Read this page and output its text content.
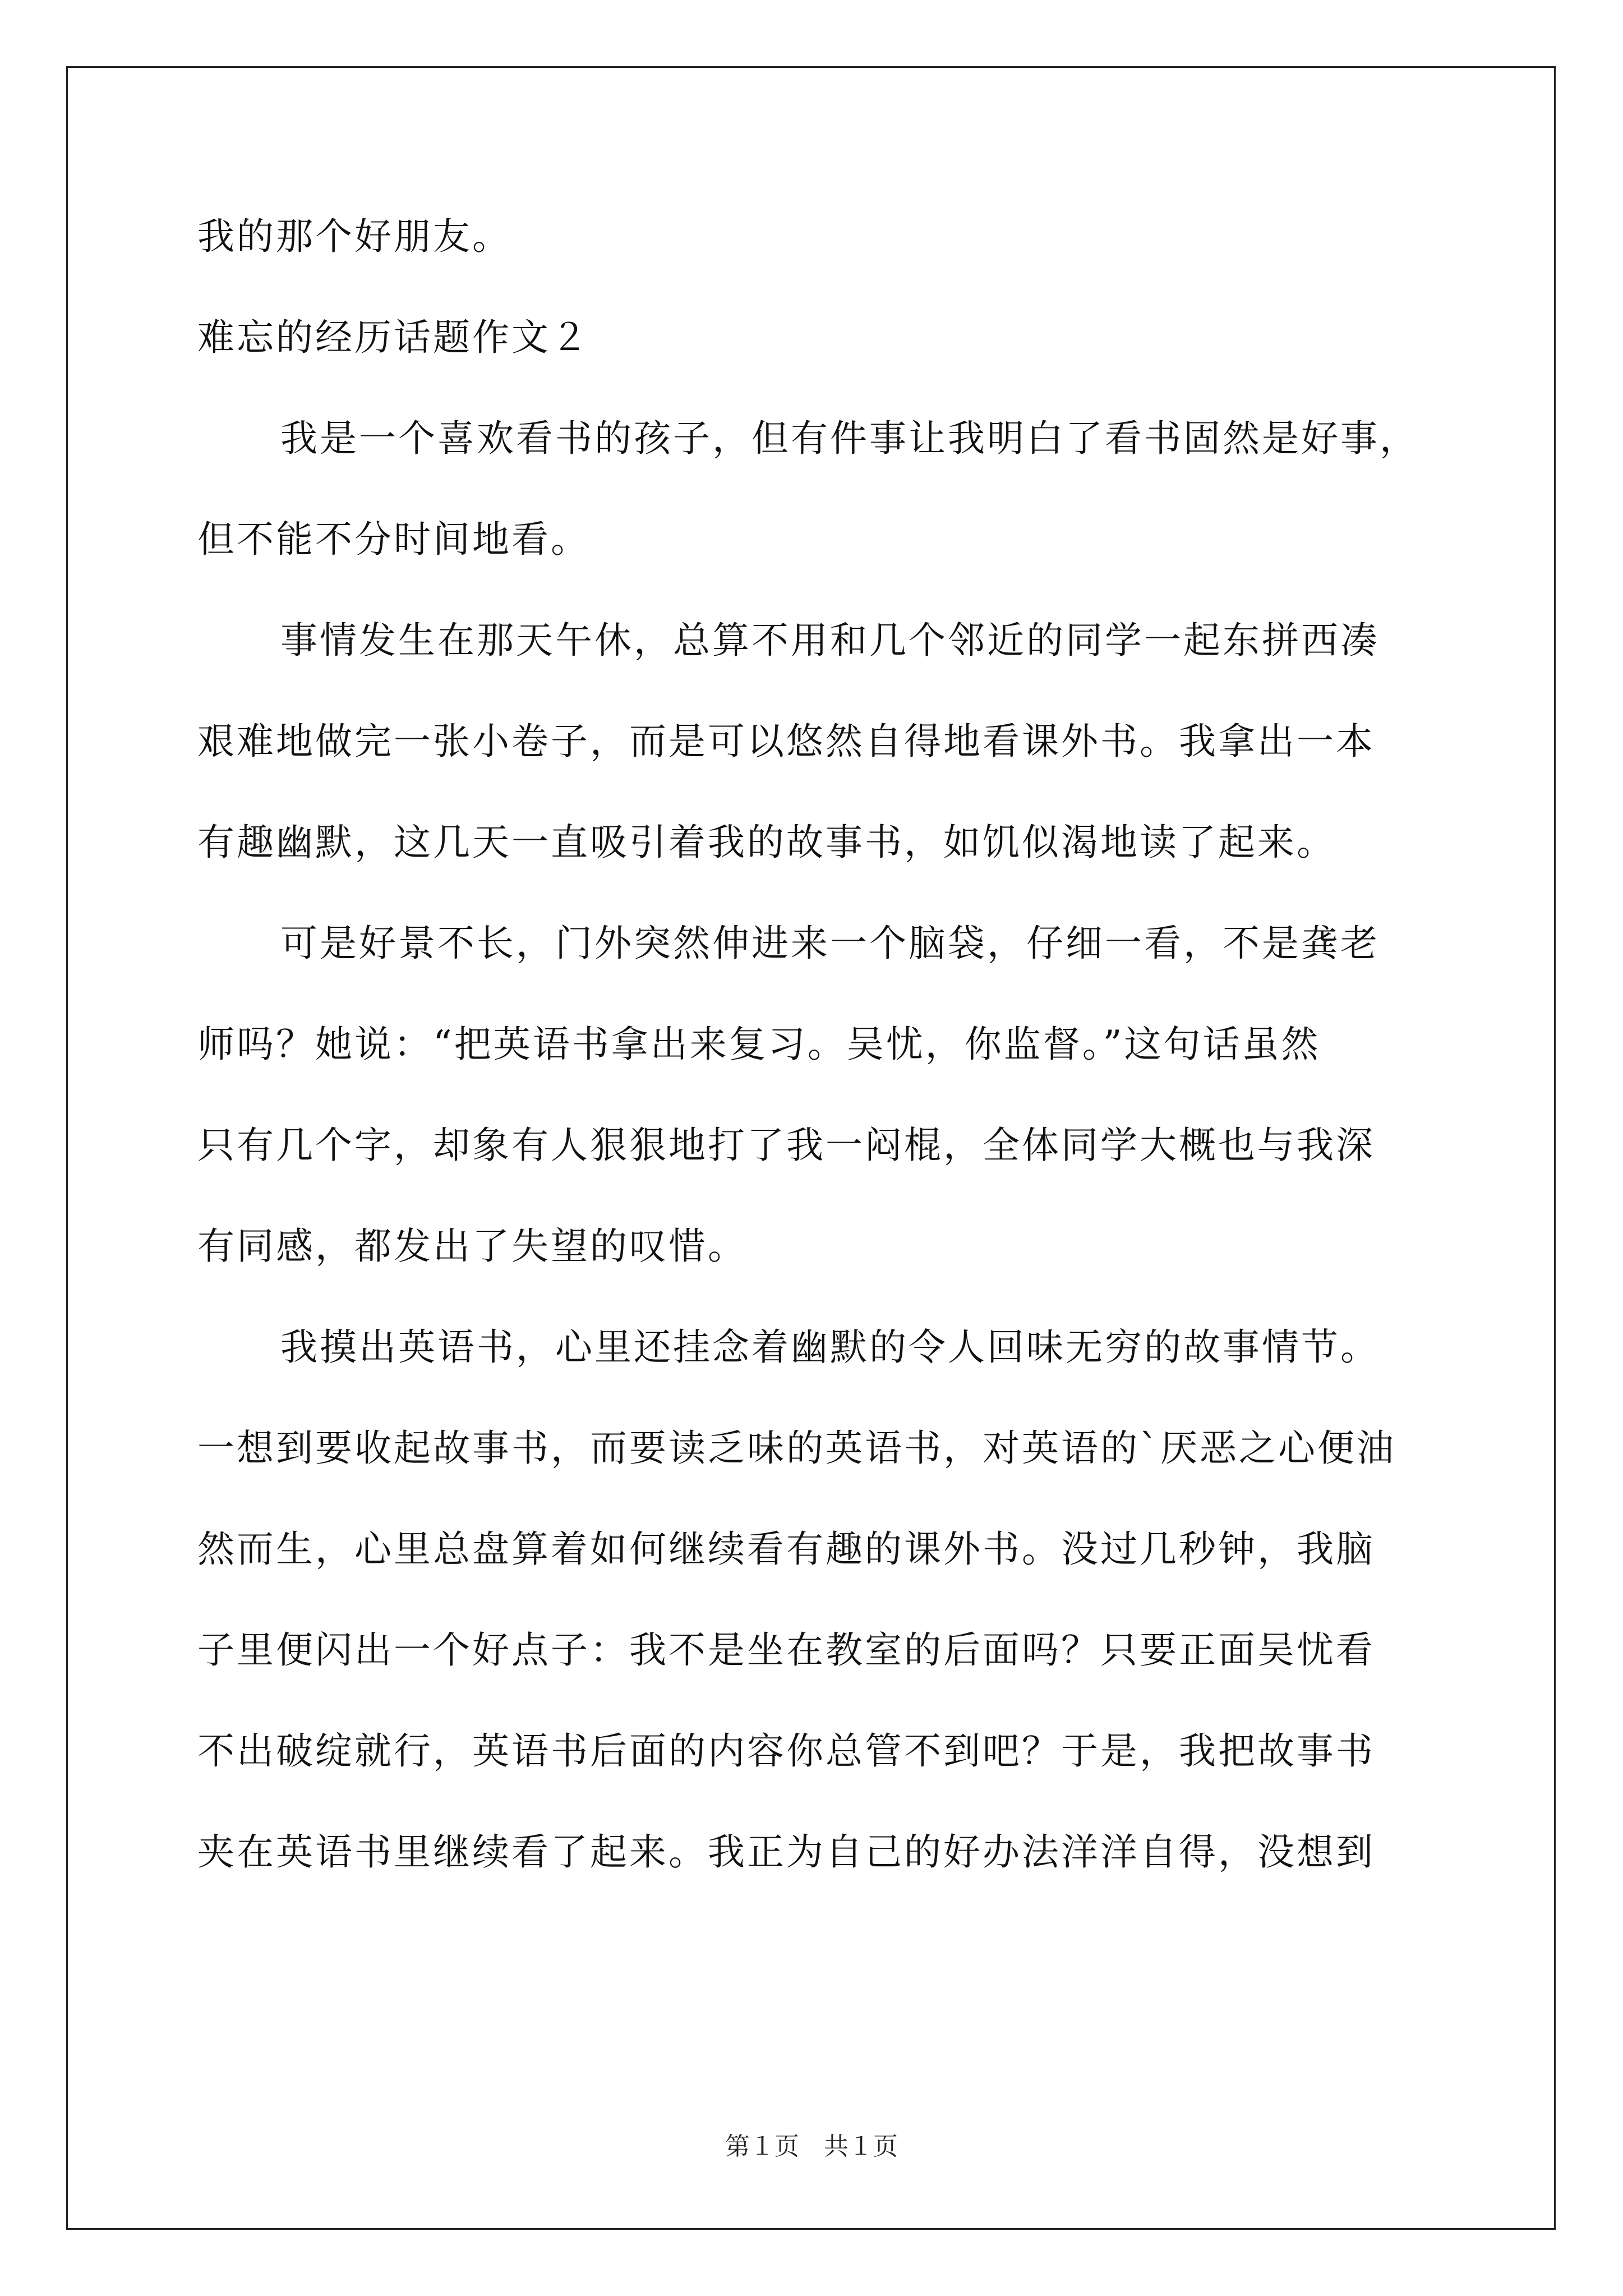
我的那个好朋友。
难忘的经历话题作文２
我是一个喜欢看书的孩子，但有件事让我明白了看书固然是好事，
但不能不分时间地看。
事情发生在那天午休，总算不用和几个邻近的同学一起东拼西凑
艰难地做完一张小卷子，而是可以悠然自得地看课外书。我拿出一本
有趣幽默，这几天一直吸引着我的故事书，如饥似渴地读了起来。
可是好景不长，门外突然伸进来一个脑袋，仔细一看，不是龚老
师吗？她说：“把英语书拿出来复习。吴忧，你监督。”这句话虽然
只有几个字，却象有人狠狠地打了我一闷棍，全体同学大概也与我深
有同感，都发出了失望的叹惜。
我摸出英语书，心里还挂念着幽默的令人回味无穷的故事情节。
一想到要收起故事书，而要读乏味的英语书，对英语的`厌恶之心便油
然而生，心里总盘算着如何继续看有趣的课外书。没过几秒钟，我脑
子里便闪出一个好点子：我不是坐在教室的后面吗？只要正面吴忧看
不出破绽就行，英语书后面的内容你总管不到吧？于是，我把故事书
夹在英语书里继续看了起来。我正为自己的好办法洋洋自得，没想到
第１页　共１页
